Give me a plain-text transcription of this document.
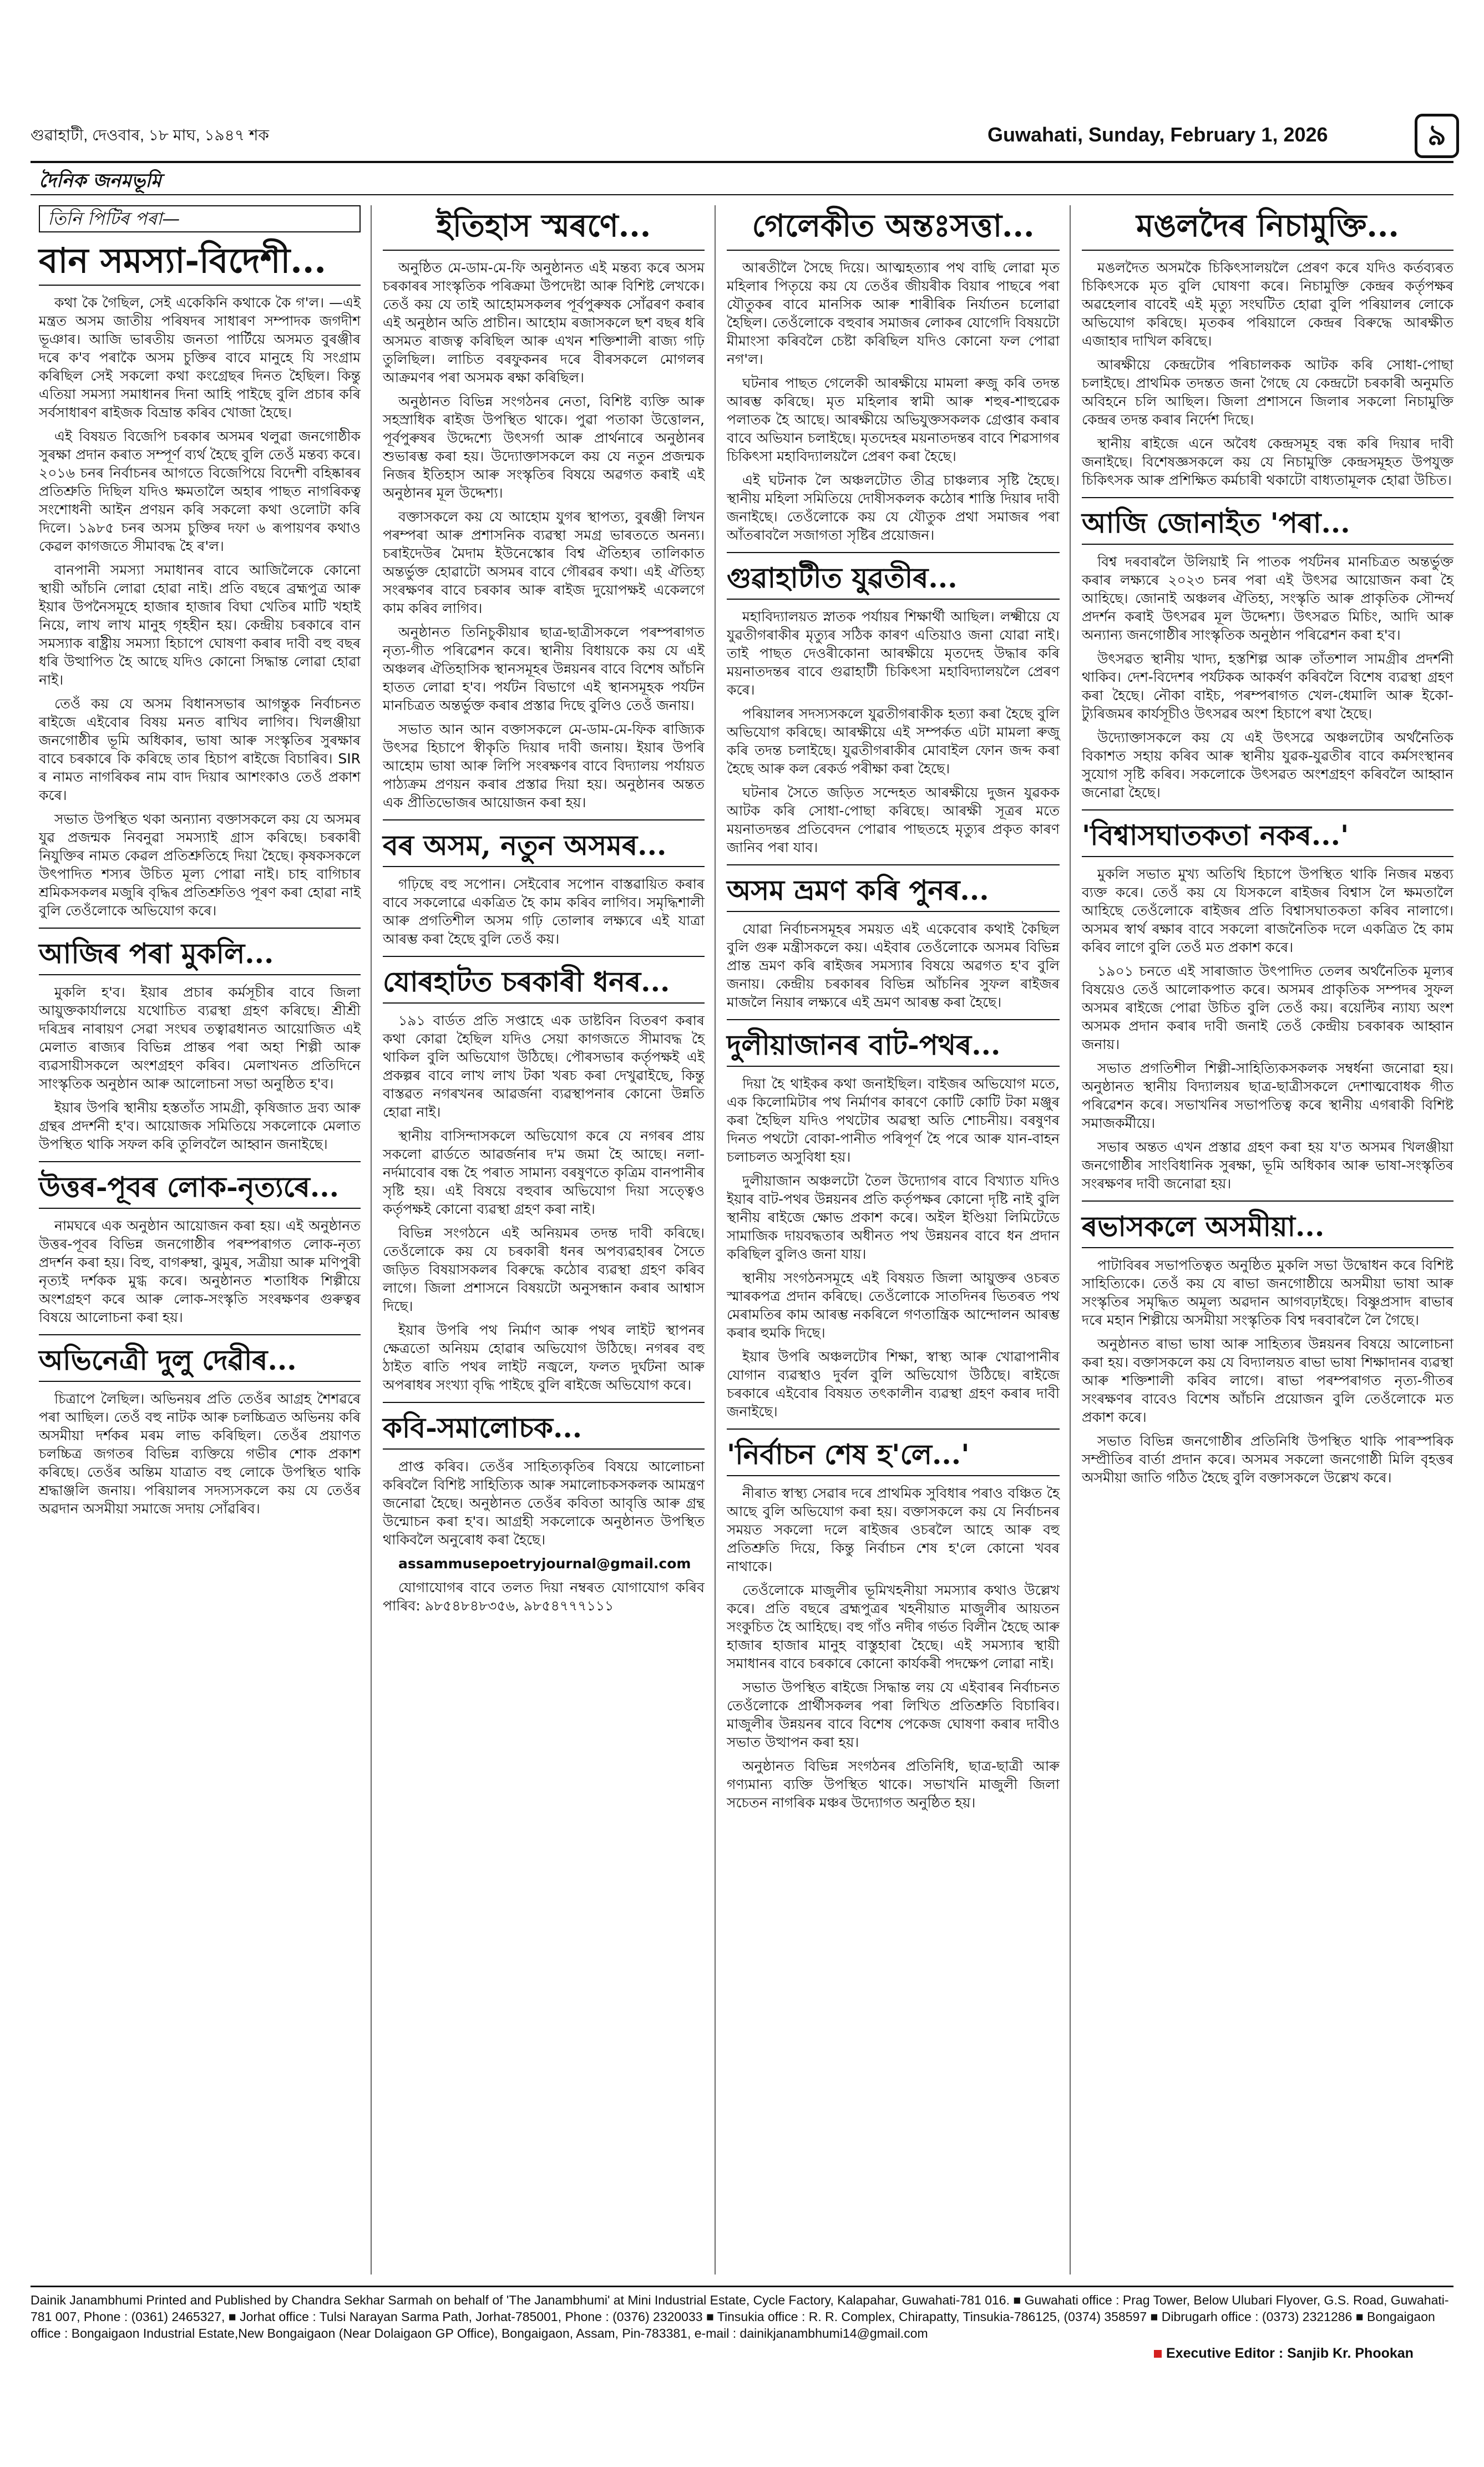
গুৱাহাটী, দেওবাৰ, ১৮ মাঘ, ১৯৪৭ শক	Guwahati, Sunday, February 1, 2026	৯
দৈনিক জনমভূমি
তিনি পিটিৰ পৰা—
বান সমস্যা-বিদেশী...

কথা কৈ গৈছিল, সেই একেকিনি কথাকে কৈ গ'ল। —এই মন্ত্ৰত অসম জাতীয় পৰিষদৰ সাধাৰণ সম্পাদক জগদীশ ভূঞাৰ। আজি ভাৰতীয় জনতা পাৰ্টিয়ে অসমত বুৰঞ্জীৰ দৰে ক'ব পৰাকৈ অসম চুক্তিৰ বাবে মানুহে যি সংগ্ৰাম কৰিছিল সেই সকলো কথা কংগ্ৰেছৰ দিনত হৈছিল। কিন্তু এতিয়া সমস্যা সমাধানৰ দিনা আহি পাইছে বুলি প্ৰচাৰ কৰি সৰ্বসাধাৰণ ৰাইজক বিভ্ৰান্ত কৰিব খোজা হৈছে।

এই বিষয়ত বিজেপি চৰকাৰ অসমৰ থলুৱা জনগোষ্ঠীক সুৰক্ষা প্ৰদান কৰাত সম্পূৰ্ণ ব্যৰ্থ হৈছে বুলি তেওঁ মন্তব্য কৰে। ২০১৬ চনৰ নিৰ্বাচনৰ আগতে বিজেপিয়ে বিদেশী বহিষ্কাৰৰ প্ৰতিশ্ৰুতি দিছিল যদিও ক্ষমতালৈ অহাৰ পাছত নাগৰিকত্ব সংশোধনী আইন প্ৰণয়ন কৰি সকলো কথা ওলোটা কৰি দিলে। ১৯৮৫ চনৰ অসম চুক্তিৰ দফা ৬ ৰূপায়ণৰ কথাও কেৱল কাগজতে সীমাবদ্ধ হৈ ৰ'ল।

বানপানী সমস্যা সমাধানৰ বাবে আজিলৈকে কোনো স্থায়ী আঁচনি লোৱা হোৱা নাই। প্ৰতি বছৰে ব্ৰহ্মপুত্ৰ আৰু ইয়াৰ উপনৈসমূহে হাজাৰ হাজাৰ বিঘা খেতিৰ মাটি খহাই নিয়ে, লাখ লাখ মানুহ গৃহহীন হয়। কেন্দ্ৰীয় চৰকাৰে বান সমস্যাক ৰাষ্ট্ৰীয় সমস্যা হিচাপে ঘোষণা কৰাৰ দাবী বহু বছৰ ধৰি উত্থাপিত হৈ আছে যদিও কোনো সিদ্ধান্ত লোৱা হোৱা নাই।

তেওঁ কয় যে অসম বিধানসভাৰ আগন্তুক নিৰ্বাচনত ৰাইজে এইবোৰ বিষয় মনত ৰাখিব লাগিব। খিলঞ্জীয়া জনগোষ্ঠীৰ ভূমি অধিকাৰ, ভাষা আৰু সংস্কৃতিৰ সুৰক্ষাৰ বাবে চৰকাৰে কি কৰিছে তাৰ হিচাপ ৰাইজে বিচাৰিব। SIR ৰ নামত নাগৰিকৰ নাম বাদ দিয়াৰ আশংকাও তেওঁ প্ৰকাশ কৰে।

সভাত উপস্থিত থকা অন্যান্য বক্তাসকলে কয় যে অসমৰ যুৱ প্ৰজন্মক নিবনুৱা সমস্যাই গ্ৰাস কৰিছে। চৰকাৰী নিযুক্তিৰ নামত কেৱল প্ৰতিশ্ৰুতিহে দিয়া হৈছে। কৃষকসকলে উৎপাদিত শস্যৰ উচিত মূল্য পোৱা নাই। চাহ বাগিচাৰ শ্ৰমিকসকলৰ মজুৰি বৃদ্ধিৰ প্ৰতিশ্ৰুতিও পূৰণ কৰা হোৱা নাই বুলি তেওঁলোকে অভিযোগ কৰে।

আজিৰ পৰা মুকলি...

মুকলি হ'ব। ইয়াৰ প্ৰচাৰ কৰ্মসূচীৰ বাবে জিলা আয়ুক্তকাৰ্যালয়ে যথোচিত ব্যৱস্থা গ্ৰহণ কৰিছে। শ্ৰীশ্ৰী দৰিদ্ৰৰ নাৰায়ণ সেৱা সংঘৰ তত্বাৱধানত আয়োজিত এই মেলাত ৰাজ্যৰ বিভিন্ন প্ৰান্তৰ পৰা অহা শিল্পী আৰু ব্যৱসায়ীসকলে অংশগ্ৰহণ কৰিব। মেলাখনত প্ৰতিদিনে সাংস্কৃতিক অনুষ্ঠান আৰু আলোচনা সভা অনুষ্ঠিত হ'ব।

ইয়াৰ উপৰি স্থানীয় হস্ততাঁত সামগ্ৰী, কৃষিজাত দ্ৰব্য আৰু গ্ৰন্থৰ প্ৰদৰ্শনী হ'ব। আয়োজক সমিতিয়ে সকলোকে মেলাত উপস্থিত থাকি সফল কৰি তুলিবলৈ আহ্বান জনাইছে।

উত্তৰ-পূবৰ লোক-নৃত্যৰে...

নামঘৰে এক অনুষ্ঠান আয়োজন কৰা হয়। এই অনুষ্ঠানত উত্তৰ-পূবৰ বিভিন্ন জনগোষ্ঠীৰ পৰম্পৰাগত লোক-নৃত্য প্ৰদৰ্শন কৰা হয়। বিহু, বাগৰুম্বা, ঝুমুৰ, সত্ৰীয়া আৰু মণিপুৰী নৃত্যই দৰ্শকক মুগ্ধ কৰে। অনুষ্ঠানত শতাধিক শিল্পীয়ে অংশগ্ৰহণ কৰে আৰু লোক-সংস্কৃতি সংৰক্ষণৰ গুৰুত্বৰ বিষয়ে আলোচনা কৰা হয়।

অভিনেত্ৰী দুলু দেৱীৰ...

চিত্ৰাপে লৈছিল। অভিনয়ৰ প্ৰতি তেওঁৰ আগ্ৰহ শৈশৱৰে পৰা আছিল। তেওঁ বহু নাটক আৰু চলচ্চিত্ৰত অভিনয় কৰি অসমীয়া দৰ্শকৰ মৰম লাভ কৰিছিল। তেওঁৰ প্ৰয়াণত চলচ্চিত্ৰ জগতৰ বিভিন্ন ব্যক্তিয়ে গভীৰ শোক প্ৰকাশ কৰিছে। তেওঁৰ অন্তিম যাত্ৰাত বহু লোকে উপস্থিত থাকি শ্ৰদ্ধাঞ্জলি জনায়। পৰিয়ালৰ সদস্যসকলে কয় যে তেওঁৰ অৱদান অসমীয়া সমাজে সদায় সোঁৱৰিব।

ইতিহাস স্মৰণে...

অনুষ্ঠিত মে-ডাম-মে-ফি অনুষ্ঠানত এই মন্তব্য কৰে অসম চৰকাৰৰ সাংস্কৃতিক পৰিক্ৰমা উপদেষ্টা আৰু বিশিষ্ট লেখকে। তেওঁ কয় যে তাই আহোমসকলৰ পূৰ্বপুৰুষক সোঁৱৰণ কৰাৰ এই অনুষ্ঠান অতি প্ৰাচীন। আহোম ৰজাসকলে ছশ বছৰ ধৰি অসমত ৰাজত্ব কৰিছিল আৰু এখন শক্তিশালী ৰাজ্য গঢ়ি তুলিছিল। লাচিত বৰফুকনৰ দৰে বীৰসকলে মোগলৰ আক্ৰমণৰ পৰা অসমক ৰক্ষা কৰিছিল।

অনুষ্ঠানত বিভিন্ন সংগঠনৰ নেতা, বিশিষ্ট ব্যক্তি আৰু সহস্ৰাধিক ৰাইজ উপস্থিত থাকে। পুৱা পতাকা উত্তোলন, পূৰ্বপুৰুষৰ উদ্দেশ্যে উৎসৰ্গা আৰু প্ৰাৰ্থনাৰে অনুষ্ঠানৰ শুভাৰম্ভ কৰা হয়। উদ্যোক্তাসকলে কয় যে নতুন প্ৰজন্মক নিজৰ ইতিহাস আৰু সংস্কৃতিৰ বিষয়ে অৱগত কৰাই এই অনুষ্ঠানৰ মূল উদ্দেশ্য।

বক্তাসকলে কয় যে আহোম যুগৰ স্থাপত্য, বুৰঞ্জী লিখন পৰম্পৰা আৰু প্ৰশাসনিক ব্যৱস্থা সমগ্ৰ ভাৰততে অনন্য। চৰাইদেউৰ মৈদাম ইউনেস্কোৰ বিশ্ব ঐতিহ্যৰ তালিকাত অন্তৰ্ভুক্ত হোৱাটো অসমৰ বাবে গৌৰৱৰ কথা। এই ঐতিহ্য সংৰক্ষণৰ বাবে চৰকাৰ আৰু ৰাইজ দুয়োপক্ষই একেলগে কাম কৰিব লাগিব।

অনুষ্ঠানত তিনিচুকীয়াৰ ছাত্ৰ-ছাত্ৰীসকলে পৰম্পৰাগত নৃত্য-গীত পৰিৱেশন কৰে। স্থানীয় বিধায়কে কয় যে এই অঞ্চলৰ ঐতিহাসিক স্থানসমূহৰ উন্নয়নৰ বাবে বিশেষ আঁচনি হাতত লোৱা হ'ব। পৰ্যটন বিভাগে এই স্থানসমূহক পৰ্যটন মানচিত্ৰত অন্তৰ্ভুক্ত কৰাৰ প্ৰস্তাৱ দিছে বুলিও তেওঁ জনায়।

সভাত আন আন বক্তাসকলে মে-ডাম-মে-ফিক ৰাজ্যিক উৎসৱ হিচাপে স্বীকৃতি দিয়াৰ দাবী জনায়। ইয়াৰ উপৰি আহোম ভাষা আৰু লিপি সংৰক্ষণৰ বাবে বিদ্যালয় পৰ্যায়ত পাঠ্যক্ৰম প্ৰণয়ন কৰাৰ প্ৰস্তাৱ দিয়া হয়। অনুষ্ঠানৰ অন্তত এক প্ৰীতিভোজৰ আয়োজন কৰা হয়।

বৰ অসম, নতুন অসমৰ...

গঢ়িছে বহু সপোন। সেইবোৰ সপোন বাস্তৱায়িত কৰাৰ বাবে সকলোৱে একত্ৰিত হৈ কাম কৰিব লাগিব। সমৃদ্ধিশালী আৰু প্ৰগতিশীল অসম গঢ়ি তোলাৰ লক্ষ্যৰে এই যাত্ৰা আৰম্ভ কৰা হৈছে বুলি তেওঁ কয়।

যোৰহাটত চৰকাৰী ধনৰ...

১৯১ বাৰ্ডত প্ৰতি সপ্তাহে এক ডাষ্টবিন বিতৰণ কৰাৰ কথা কোৱা হৈছিল যদিও সেয়া কাগজতে সীমাবদ্ধ হৈ থাকিল বুলি অভিযোগ উঠিছে। পৌৰসভাৰ কৰ্তৃপক্ষই এই প্ৰকল্পৰ বাবে লাখ লাখ টকা খৰচ কৰা দেখুৱাইছে, কিন্তু বাস্তৱত নগৰখনৰ আৱৰ্জনা ব্যৱস্থাপনাৰ কোনো উন্নতি হোৱা নাই।

স্থানীয় বাসিন্দাসকলে অভিযোগ কৰে যে নগৰৰ প্ৰায় সকলো ৱাৰ্ডতে আৱৰ্জনাৰ দ'ম জমা হৈ আছে। নলা-নৰ্দমাবোৰ বন্ধ হৈ পৰাত সামান্য বৰষুণতে কৃত্ৰিম বানপানীৰ সৃষ্টি হয়। এই বিষয়ে বহুবাৰ অভিযোগ দিয়া সত্ত্বেও কৰ্তৃপক্ষই কোনো ব্যৱস্থা গ্ৰহণ কৰা নাই।

বিভিন্ন সংগঠনে এই অনিয়মৰ তদন্ত দাবী কৰিছে। তেওঁলোকে কয় যে চৰকাৰী ধনৰ অপব্যৱহাৰৰ সৈতে জড়িত বিষয়াসকলৰ বিৰুদ্ধে কঠোৰ ব্যৱস্থা গ্ৰহণ কৰিব লাগে। জিলা প্ৰশাসনে বিষয়টো অনুসন্ধান কৰাৰ আশ্বাস দিছে।

ইয়াৰ উপৰি পথ নিৰ্মাণ আৰু পথৰ লাইট স্থাপনৰ ক্ষেত্ৰতো অনিয়ম হোৱাৰ অভিযোগ উঠিছে। নগৰৰ বহু ঠাইত ৰাতি পথৰ লাইট নজ্বলে, ফলত দুৰ্ঘটনা আৰু অপৰাধৰ সংখ্যা বৃদ্ধি পাইছে বুলি ৰাইজে অভিযোগ কৰে।

কবি-সমালোচক...

প্ৰাপ্ত কৰিব। তেওঁৰ সাহিত্যকৃতিৰ বিষয়ে আলোচনা কৰিবলৈ বিশিষ্ট সাহিত্যিক আৰু সমালোচকসকলক আমন্ত্ৰণ জনোৱা হৈছে। অনুষ্ঠানত তেওঁৰ কবিতা আবৃত্তি আৰু গ্ৰন্থ উন্মোচন কৰা হ'ব। আগ্ৰহী সকলোকে অনুষ্ঠানত উপস্থিত থাকিবলৈ অনুৰোধ কৰা হৈছে।

assammusepoetryjournal@gmail.com

যোগাযোগৰ বাবে তলত দিয়া নম্বৰত যোগাযোগ কৰিব পাৰিব: ৯৮৫৪৮৪৮৩৫৬, ৯৮৫৪৭৭৭১১১

গেলেকীত অন্তঃসত্তা...

আৰতীলৈ সৈছে দিয়ে। আত্মহত্যাৰ পথ বাছি লোৱা মৃত মহিলাৰ পিতৃয়ে কয় যে তেওঁৰ জীয়ৰীক বিয়াৰ পাছৰে পৰা যৌতুকৰ বাবে মানসিক আৰু শাৰীৰিক নিৰ্যাতন চলোৱা হৈছিল। তেওঁলোকে বহুবাৰ সমাজৰ লোকৰ যোগেদি বিষয়টো মীমাংসা কৰিবলৈ চেষ্টা কৰিছিল যদিও কোনো ফল পোৱা নগ'ল।

ঘটনাৰ পাছত গেলেকী আৰক্ষীয়ে মামলা ৰুজু কৰি তদন্ত আৰম্ভ কৰিছে। মৃত মহিলাৰ স্বামী আৰু শহুৰ-শাহুৱেক পলাতক হৈ আছে। আৰক্ষীয়ে অভিযুক্তসকলক গ্ৰেপ্তাৰ কৰাৰ বাবে অভিযান চলাইছে। মৃতদেহৰ ময়নাতদন্তৰ বাবে শিৱসাগৰ চিকিৎসা মহাবিদ্যালয়লৈ প্ৰেৰণ কৰা হৈছে।

এই ঘটনাক লৈ অঞ্চলটোত তীব্ৰ চাঞ্চল্যৰ সৃষ্টি হৈছে। স্থানীয় মহিলা সমিতিয়ে দোষীসকলক কঠোৰ শাস্তি দিয়াৰ দাবী জনাইছে। তেওঁলোকে কয় যে যৌতুক প্ৰথা সমাজৰ পৰা আঁতৰাবলৈ সজাগতা সৃষ্টিৰ প্ৰয়োজন।

গুৱাহাটীত যুৱতীৰ...

মহাবিদ্যালয়ত স্নাতক পৰ্যায়ৰ শিক্ষাৰ্থী আছিল। লক্ষ্মীয়ে যে যুৱতীগৰাকীৰ মৃত্যুৰ সঠিক কাৰণ এতিয়াও জনা যোৱা নাই। তাই পাছত দেওৰীকোনা আৰক্ষীয়ে মৃতদেহ উদ্ধাৰ কৰি ময়নাতদন্তৰ বাবে গুৱাহাটী চিকিৎসা মহাবিদ্যালয়লৈ প্ৰেৰণ কৰে।

পৰিয়ালৰ সদস্যসকলে যুৱতীগৰাকীক হত্যা কৰা হৈছে বুলি অভিযোগ কৰিছে। আৰক্ষীয়ে এই সম্পৰ্কত এটা মামলা ৰুজু কৰি তদন্ত চলাইছে। যুৱতীগৰাকীৰ মোবাইল ফোন জব্দ কৰা হৈছে আৰু কল ৰেকৰ্ড পৰীক্ষা কৰা হৈছে।

ঘটনাৰ সৈতে জড়িত সন্দেহত আৰক্ষীয়ে দুজন যুৱকক আটক কৰি সোধা-পোছা কৰিছে। আৰক্ষী সূত্ৰৰ মতে ময়নাতদন্তৰ প্ৰতিবেদন পোৱাৰ পাছতহে মৃত্যুৰ প্ৰকৃত কাৰণ জানিব পৰা যাব।

অসম ভ্ৰমণ কৰি পুনৰ...

যোৱা নিৰ্বাচনসমূহৰ সময়ত এই একেবোৰ কথাই কৈছিল বুলি গুৰু মন্ত্ৰীসকলে কয়। এইবাৰ তেওঁলোকে অসমৰ বিভিন্ন প্ৰান্ত ভ্ৰমণ কৰি ৰাইজৰ সমস্যাৰ বিষয়ে অৱগত হ'ব বুলি জনায়। কেন্দ্ৰীয় চৰকাৰৰ বিভিন্ন আঁচনিৰ সুফল ৰাইজৰ মাজলৈ নিয়াৰ লক্ষ্যৰে এই ভ্ৰমণ আৰম্ভ কৰা হৈছে।

দুলীয়াজানৰ বাট-পথৰ...

দিয়া হৈ থাইকৰ কথা জনাইছিল। বাইজৰ অভিযোগ মতে, এক কিলোমিটাৰ পথ নিৰ্মাণৰ কাৰণে কোটি কোটি টকা মঞ্জুৰ কৰা হৈছিল যদিও পথটোৰ অৱস্থা অতি শোচনীয়। বৰষুণৰ দিনত পথটো বোকা-পানীত পৰিপূৰ্ণ হৈ পৰে আৰু যান-বাহন চলাচলত অসুবিধা হয়।

দুলীয়াজান অঞ্চলটো তৈল উদ্যোগৰ বাবে বিখ্যাত যদিও ইয়াৰ বাট-পথৰ উন্নয়নৰ প্ৰতি কৰ্তৃপক্ষৰ কোনো দৃষ্টি নাই বুলি স্থানীয় ৰাইজে ক্ষোভ প্ৰকাশ কৰে। অইল ইণ্ডিয়া লিমিটেডে সামাজিক দায়বদ্ধতাৰ অধীনত পথ উন্নয়নৰ বাবে ধন প্ৰদান কৰিছিল বুলিও জনা যায়।

স্থানীয় সংগঠনসমূহে এই বিষয়ত জিলা আয়ুক্তৰ ওচৰত স্মাৰকপত্ৰ প্ৰদান কৰিছে। তেওঁলোকে সাতদিনৰ ভিতৰত পথ মেৰামতিৰ কাম আৰম্ভ নকৰিলে গণতান্ত্ৰিক আন্দোলন আৰম্ভ কৰাৰ হুমকি দিছে।

ইয়াৰ উপৰি অঞ্চলটোৰ শিক্ষা, স্বাস্থ্য আৰু খোৱাপানীৰ যোগান ব্যৱস্থাও দুৰ্বল বুলি অভিযোগ উঠিছে। ৰাইজে চৰকাৰে এইবোৰ বিষয়ত তৎকালীন ব্যৱস্থা গ্ৰহণ কৰাৰ দাবী জনাইছে।

'নিৰ্বাচন শেষ হ'লে...'

নীৰাত স্বাস্থ্য সেৱাৰ দৰে প্ৰাথমিক সুবিধাৰ পৰাও বঞ্চিত হৈ আছে বুলি অভিযোগ কৰা হয়। বক্তাসকলে কয় যে নিৰ্বাচনৰ সময়ত সকলো দলে ৰাইজৰ ওচৰলৈ আহে আৰু বহু প্ৰতিশ্ৰুতি দিয়ে, কিন্তু নিৰ্বাচন শেষ হ'লে কোনো খবৰ নাথাকে।

তেওঁলোকে মাজুলীৰ ভূমিখহনীয়া সমস্যাৰ কথাও উল্লেখ কৰে। প্ৰতি বছৰে ব্ৰহ্মপুত্ৰৰ খহনীয়াত মাজুলীৰ আয়তন সংকুচিত হৈ আহিছে। বহু গাঁও নদীৰ গৰ্ভত বিলীন হৈছে আৰু হাজাৰ হাজাৰ মানুহ বাস্তুহাৰা হৈছে। এই সমস্যাৰ স্থায়ী সমাধানৰ বাবে চৰকাৰে কোনো কাৰ্যকৰী পদক্ষেপ লোৱা নাই।

সভাত উপস্থিত ৰাইজে সিদ্ধান্ত লয় যে এইবাৰৰ নিৰ্বাচনত তেওঁলোকে প্ৰাৰ্থীসকলৰ পৰা লিখিত প্ৰতিশ্ৰুতি বিচাৰিব। মাজুলীৰ উন্নয়নৰ বাবে বিশেষ পেকেজ ঘোষণা কৰাৰ দাবীও সভাত উত্থাপন কৰা হয়।

অনুষ্ঠানত বিভিন্ন সংগঠনৰ প্ৰতিনিধি, ছাত্ৰ-ছাত্ৰী আৰু গণ্যমান্য ব্যক্তি উপস্থিত থাকে। সভাখনি মাজুলী জিলা সচেতন নাগৰিক মঞ্চৰ উদ্যোগত অনুষ্ঠিত হয়।

মঙলদৈৰ নিচামুক্তি...

মঙলদৈত অসমকৈ চিকিৎসালয়লৈ প্ৰেৰণ কৰে যদিও কৰ্তব্যৰত চিকিৎসকে মৃত বুলি ঘোষণা কৰে। নিচামুক্তি কেন্দ্ৰৰ কৰ্তৃপক্ষৰ অৱহেলাৰ বাবেই এই মৃত্যু সংঘটিত হোৱা বুলি পৰিয়ালৰ লোকে অভিযোগ কৰিছে। মৃতকৰ পৰিয়ালে কেন্দ্ৰৰ বিৰুদ্ধে আৰক্ষীত এজাহাৰ দাখিল কৰিছে।

আৰক্ষীয়ে কেন্দ্ৰটোৰ পৰিচালকক আটক কৰি সোধা-পোছা চলাইছে। প্ৰাথমিক তদন্তত জনা গৈছে যে কেন্দ্ৰটো চৰকাৰী অনুমতি অবিহনে চলি আছিল। জিলা প্ৰশাসনে জিলাৰ সকলো নিচামুক্তি কেন্দ্ৰৰ তদন্ত কৰাৰ নিৰ্দেশ দিছে।

স্থানীয় ৰাইজে এনে অবৈধ কেন্দ্ৰসমূহ বন্ধ কৰি দিয়াৰ দাবী জনাইছে। বিশেষজ্ঞসকলে কয় যে নিচামুক্তি কেন্দ্ৰসমূহত উপযুক্ত চিকিৎসক আৰু প্ৰশিক্ষিত কৰ্মচাৰী থকাটো বাধ্যতামূলক হোৱা উচিত।

আজি জোনাইত 'পৰা...

বিশ্ব দৰবাৰলৈ উলিয়াই নি পাতক পৰ্যটনৰ মানচিত্ৰত অন্তৰ্ভুক্ত কৰাৰ লক্ষ্যৰে ২০২৩ চনৰ পৰা এই উৎসৱ আয়োজন কৰা হৈ আহিছে। জোনাই অঞ্চলৰ ঐতিহ্য, সংস্কৃতি আৰু প্ৰাকৃতিক সৌন্দৰ্য প্ৰদৰ্শন কৰাই উৎসৱৰ মূল উদ্দেশ্য। উৎসৱত মিচিং, আদি আৰু অন্যান্য জনগোষ্ঠীৰ সাংস্কৃতিক অনুষ্ঠান পৰিৱেশন কৰা হ'ব।

উৎসৱত স্থানীয় খাদ্য, হস্তশিল্প আৰু তাঁতশাল সামগ্ৰীৰ প্ৰদৰ্শনী থাকিব। দেশ-বিদেশৰ পৰ্যটকক আকৰ্ষণ কৰিবলৈ বিশেষ ব্যৱস্থা গ্ৰহণ কৰা হৈছে। নৌকা বাইচ, পৰম্পৰাগত খেল-ধেমালি আৰু ইকো-ট্যুৰিজমৰ কাৰ্যসূচীও উৎসৱৰ অংশ হিচাপে ৰখা হৈছে।

উদ্যোক্তাসকলে কয় যে এই উৎসৱে অঞ্চলটোৰ অৰ্থনৈতিক বিকাশত সহায় কৰিব আৰু স্থানীয় যুৱক-যুৱতীৰ বাবে কৰ্মসংস্থানৰ সুযোগ সৃষ্টি কৰিব। সকলোকে উৎসৱত অংশগ্ৰহণ কৰিবলৈ আহ্বান জনোৱা হৈছে।

'বিশ্বাসঘাতকতা নকৰ...'

মুকলি সভাত মুখ্য অতিথি হিচাপে উপস্থিত থাকি নিজৰ মন্তব্য ব্যক্ত কৰে। তেওঁ কয় যে যিসকলে ৰাইজৰ বিশ্বাস লৈ ক্ষমতালৈ আহিছে তেওঁলোকে ৰাইজৰ প্ৰতি বিশ্বাসঘাতকতা কৰিব নালাগে। অসমৰ স্বাৰ্থ ৰক্ষাৰ বাবে সকলো ৰাজনৈতিক দলে একত্ৰিত হৈ কাম কৰিব লাগে বুলি তেওঁ মত প্ৰকাশ কৰে।

১৯০১ চনতে এই সাৰাজাত উৎপাদিত তেলৰ অৰ্থনৈতিক মূল্যৰ বিষয়েও তেওঁ আলোকপাত কৰে। অসমৰ প্ৰাকৃতিক সম্পদৰ সুফল অসমৰ ৰাইজে পোৱা উচিত বুলি তেওঁ কয়। ৰয়েল্টিৰ ন্যায্য অংশ অসমক প্ৰদান কৰাৰ দাবী জনাই তেওঁ কেন্দ্ৰীয় চৰকাৰক আহ্বান জনায়।

সভাত প্ৰগতিশীল শিল্পী-সাহিত্যিকসকলক সম্বৰ্ধনা জনোৱা হয়। অনুষ্ঠানত স্থানীয় বিদ্যালয়ৰ ছাত্ৰ-ছাত্ৰীসকলে দেশাত্মবোধক গীত পৰিৱেশন কৰে। সভাখনিৰ সভাপতিত্ব কৰে স্থানীয় এগৰাকী বিশিষ্ট সমাজকৰ্মীয়ে।

সভাৰ অন্তত এখন প্ৰস্তাৱ গ্ৰহণ কৰা হয় য'ত অসমৰ খিলঞ্জীয়া জনগোষ্ঠীৰ সাংবিধানিক সুৰক্ষা, ভূমি অধিকাৰ আৰু ভাষা-সংস্কৃতিৰ সংৰক্ষণৰ দাবী জনোৱা হয়।

ৰভাসকলে অসমীয়া...

পাটাবিৰৰ সভাপতিত্বত অনুষ্ঠিত মুকলি সভা উদ্বোধন কৰে বিশিষ্ট সাহিত্যিকে। তেওঁ কয় যে ৰাভা জনগোষ্ঠীয়ে অসমীয়া ভাষা আৰু সংস্কৃতিৰ সমৃদ্ধিত অমূল্য অৱদান আগবঢ়াইছে। বিষ্ণুপ্ৰসাদ ৰাভাৰ দৰে মহান শিল্পীয়ে অসমীয়া সংস্কৃতিক বিশ্ব দৰবাৰলৈ লৈ গৈছে।

অনুষ্ঠানত ৰাভা ভাষা আৰু সাহিত্যৰ উন্নয়নৰ বিষয়ে আলোচনা কৰা হয়। বক্তাসকলে কয় যে বিদ্যালয়ত ৰাভা ভাষা শিক্ষাদানৰ ব্যৱস্থা আৰু শক্তিশালী কৰিব লাগে। ৰাভা পৰম্পৰাগত নৃত্য-গীতৰ সংৰক্ষণৰ বাবেও বিশেষ আঁচনি প্ৰয়োজন বুলি তেওঁলোকে মত প্ৰকাশ কৰে।

সভাত বিভিন্ন জনগোষ্ঠীৰ প্ৰতিনিধি উপস্থিত থাকি পাৰস্পৰিক সম্প্ৰীতিৰ বাৰ্তা প্ৰদান কৰে। অসমৰ সকলো জনগোষ্ঠী মিলি বৃহত্তৰ অসমীয়া জাতি গঠিত হৈছে বুলি বক্তাসকলে উল্লেখ কৰে।

Dainik Janambhumi Printed and Published by Chandra Sekhar Sarmah on behalf of 'The Janambhumi' at Mini Industrial Estate, Cycle Factory, Kalapahar, Guwahati-781 016. ■ Guwahati office : Prag Tower, Below Ulubari Flyover, G.S. Road, Guwahati-781 007, Phone : (0361) 2465327, ■ Jorhat office : Tulsi Narayan Sarma Path, Jorhat-785001, Phone : (0376) 2320033 ■ Tinsukia office : R. R. Complex, Chirapatty, Tinsukia-786125, (0374) 358597 ■ Dibrugarh office : (0373) 2321286 ■ Bongaigaon office : Bongaigaon Industrial Estate,New Bongaigaon (Near Dolaigaon GP Office), Bongaigaon, Assam, Pin-783381, e-mail : dainikjanambhumi14@gmail.com
Executive Editor : Sanjib Kr. Phookan
